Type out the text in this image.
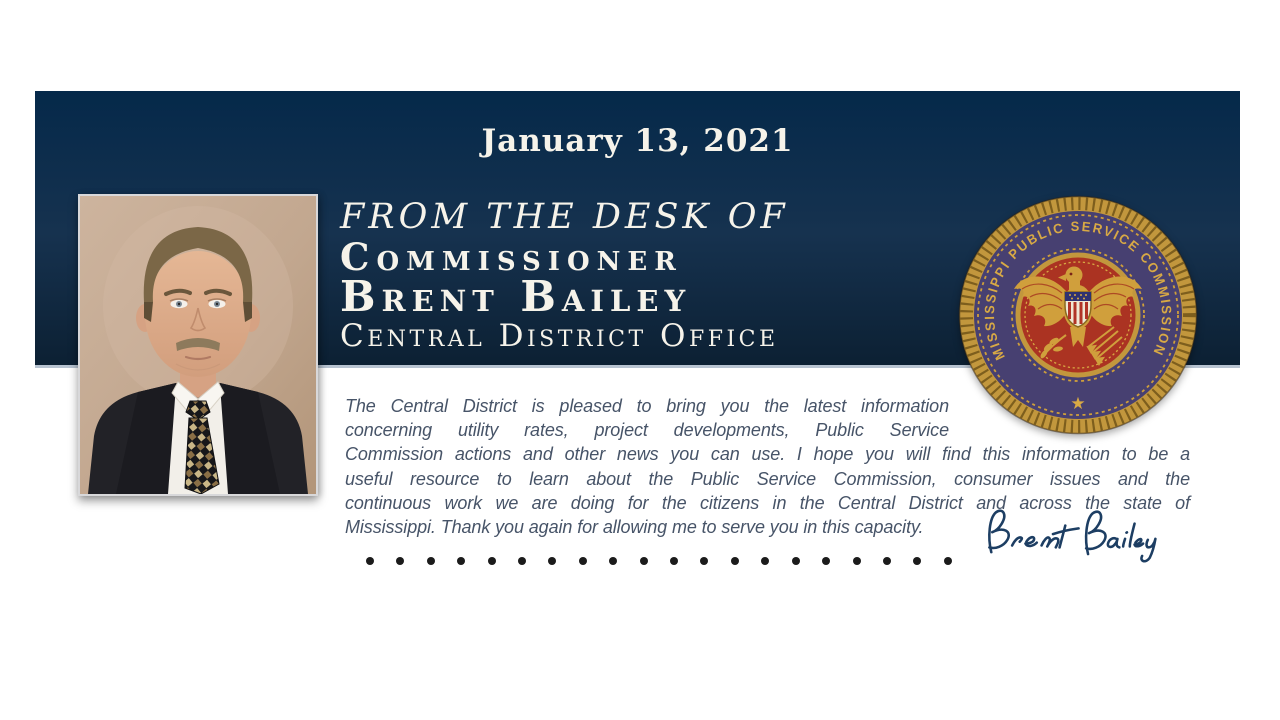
January 13, 2021
FROM THE DESK OF
Commissioner
Brent Bailey
Central District Office	MISSISSIPPI PUBLIC SERVICE COMMISSION
★
The Central District is pleased to bring you the latest information
concerning utility rates, project developments, Public Service
Commission actions and other news you can use. I hope you will find this information to be a
useful resource to learn about the Public Service Commission, consumer issues and the
continuous work we are doing for the citizens in the Central District and across the state of
Mississippi. Thank you again for allowing me to serve you in this capacity.
